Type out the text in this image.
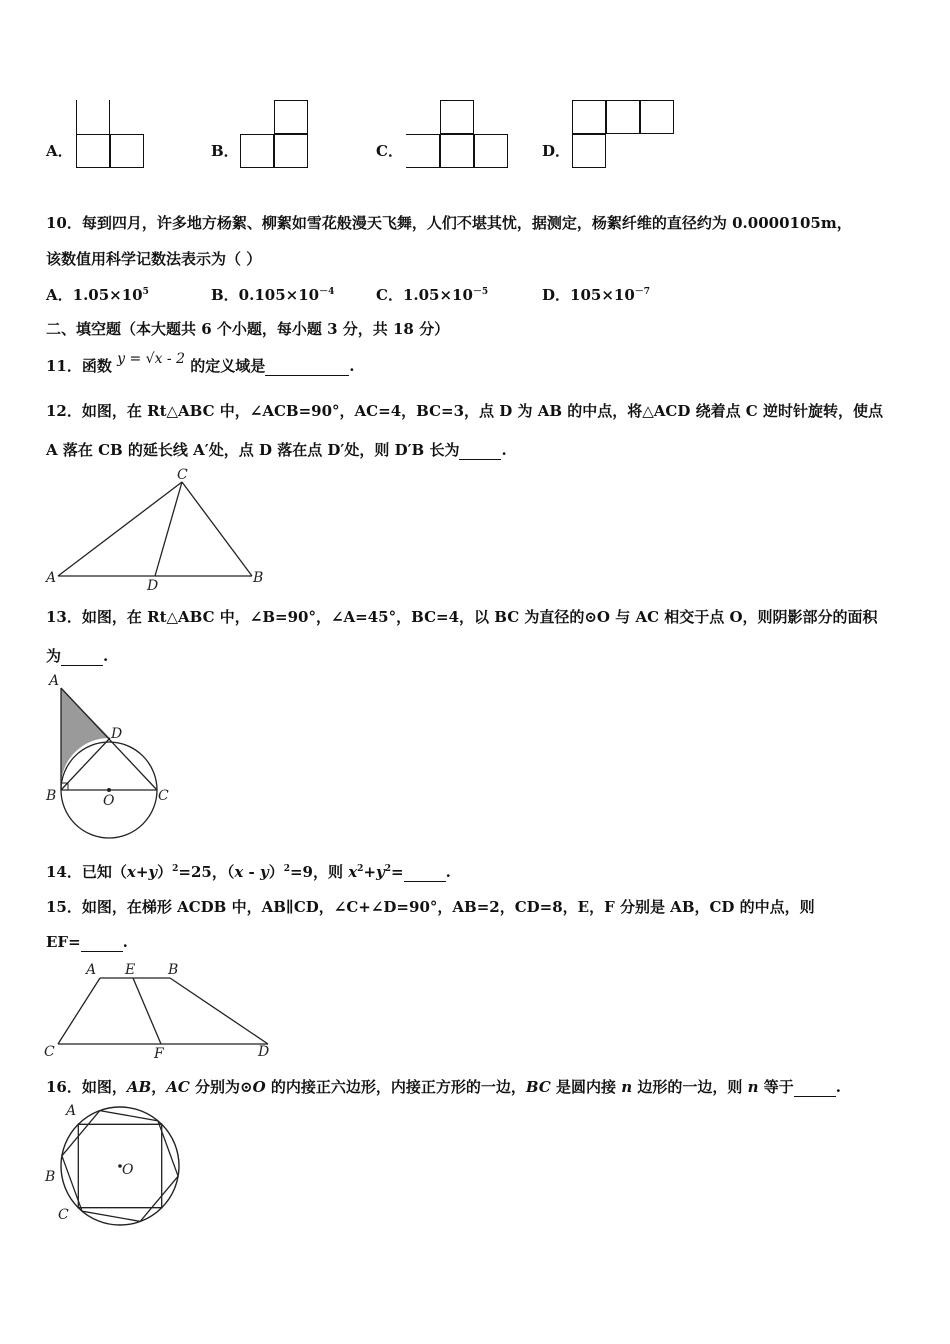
A．	B．	C．	D．
10．每到四月，许多地方杨絮、柳絮如雪花般漫天飞舞，人们不堪其忧，据测定，杨絮纤维的直径约为 0.0000105m，
该数值用科学记数法表示为（ ）
A．$1.05\times 10^5$	B．$0.105\times 10^{-4}$	C．$1.05\times 10^{-5}$	D．$105\times 10^{-7}$
二、填空题（本大题共 6 个小题，每小题 3 分，共 18 分）
11．函数 y = √x - 2 的定义域是	.
12．如图，在 Rt△ABC 中，∠ACB=90°，AC=4，BC=3，点 D 为 AB 的中点，将△ACD 绕着点 C 逆时针旋转，使点
A 落在 CB 的延长线 A′处，点 D 落在点 D′处，则 D′B 长为	.
C
A	D	B
13．如图，在 Rt△ABC 中，∠B=90°，∠A=45°，BC=4，以 BC 为直径的⊙O 与 AC 相交于点 O，则阴影部分的面积
为	.
A
D
B	O	C
14．已知$(x+y)^2=25$，（x - y）$^2$=9，则 $x^2+y^2=$	.
15．如图，在梯形 ACDB 中，AB∥CD，∠C+∠D=90°，AB=2，CD=8，E，F 分别是 AB，CD 的中点，则
EF=	.
A E B
C	F	D
16．如图，AB，AC 分别为⊙O 的内接正六边形，内接正方形的一边，BC 是圆内接 n 边形的一边，则 n 等于	.
A
B
C
O
